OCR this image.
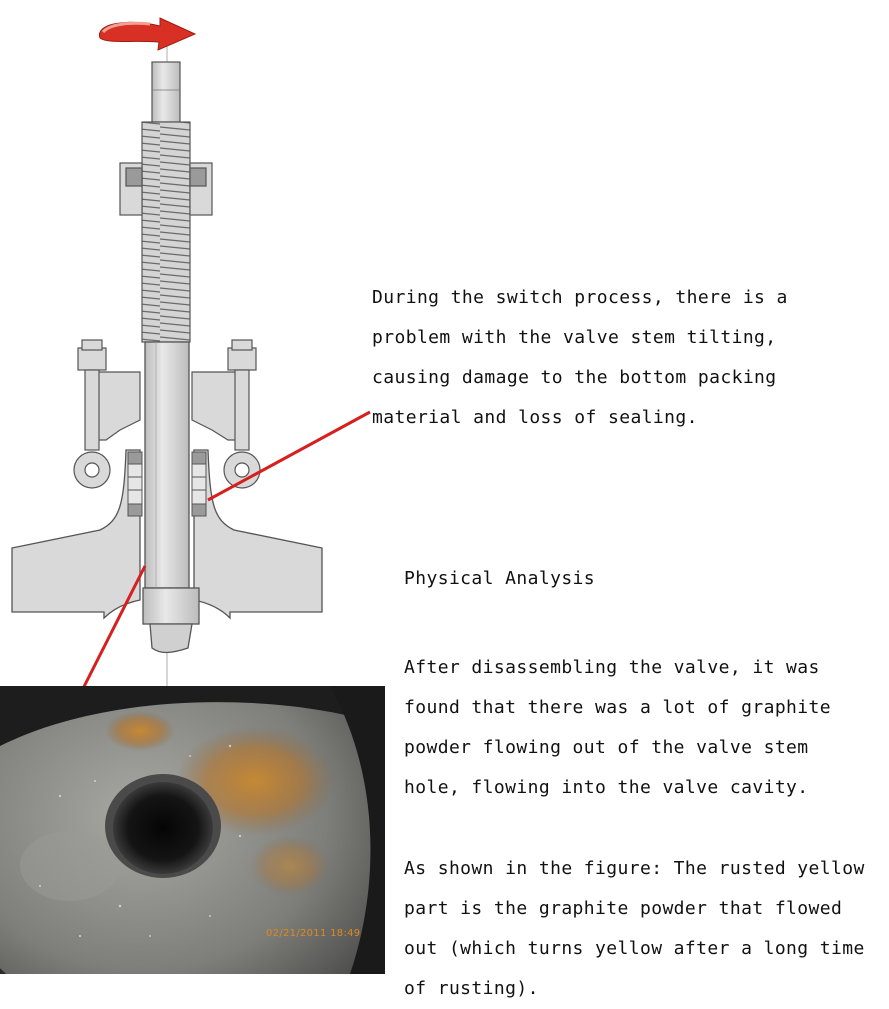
02/21/2011 18:49
During the switch process, there is a
problem with the valve stem tilting,
causing damage to the bottom packing
material and loss of sealing.
Physical Analysis
After disassembling the valve, it was
found that there was a lot of graphite
powder flowing out of the valve stem
hole, flowing into the valve cavity.
As shown in the figure: The rusted yellow
part is the graphite powder that flowed
out (which turns yellow after a long time
of rusting).
